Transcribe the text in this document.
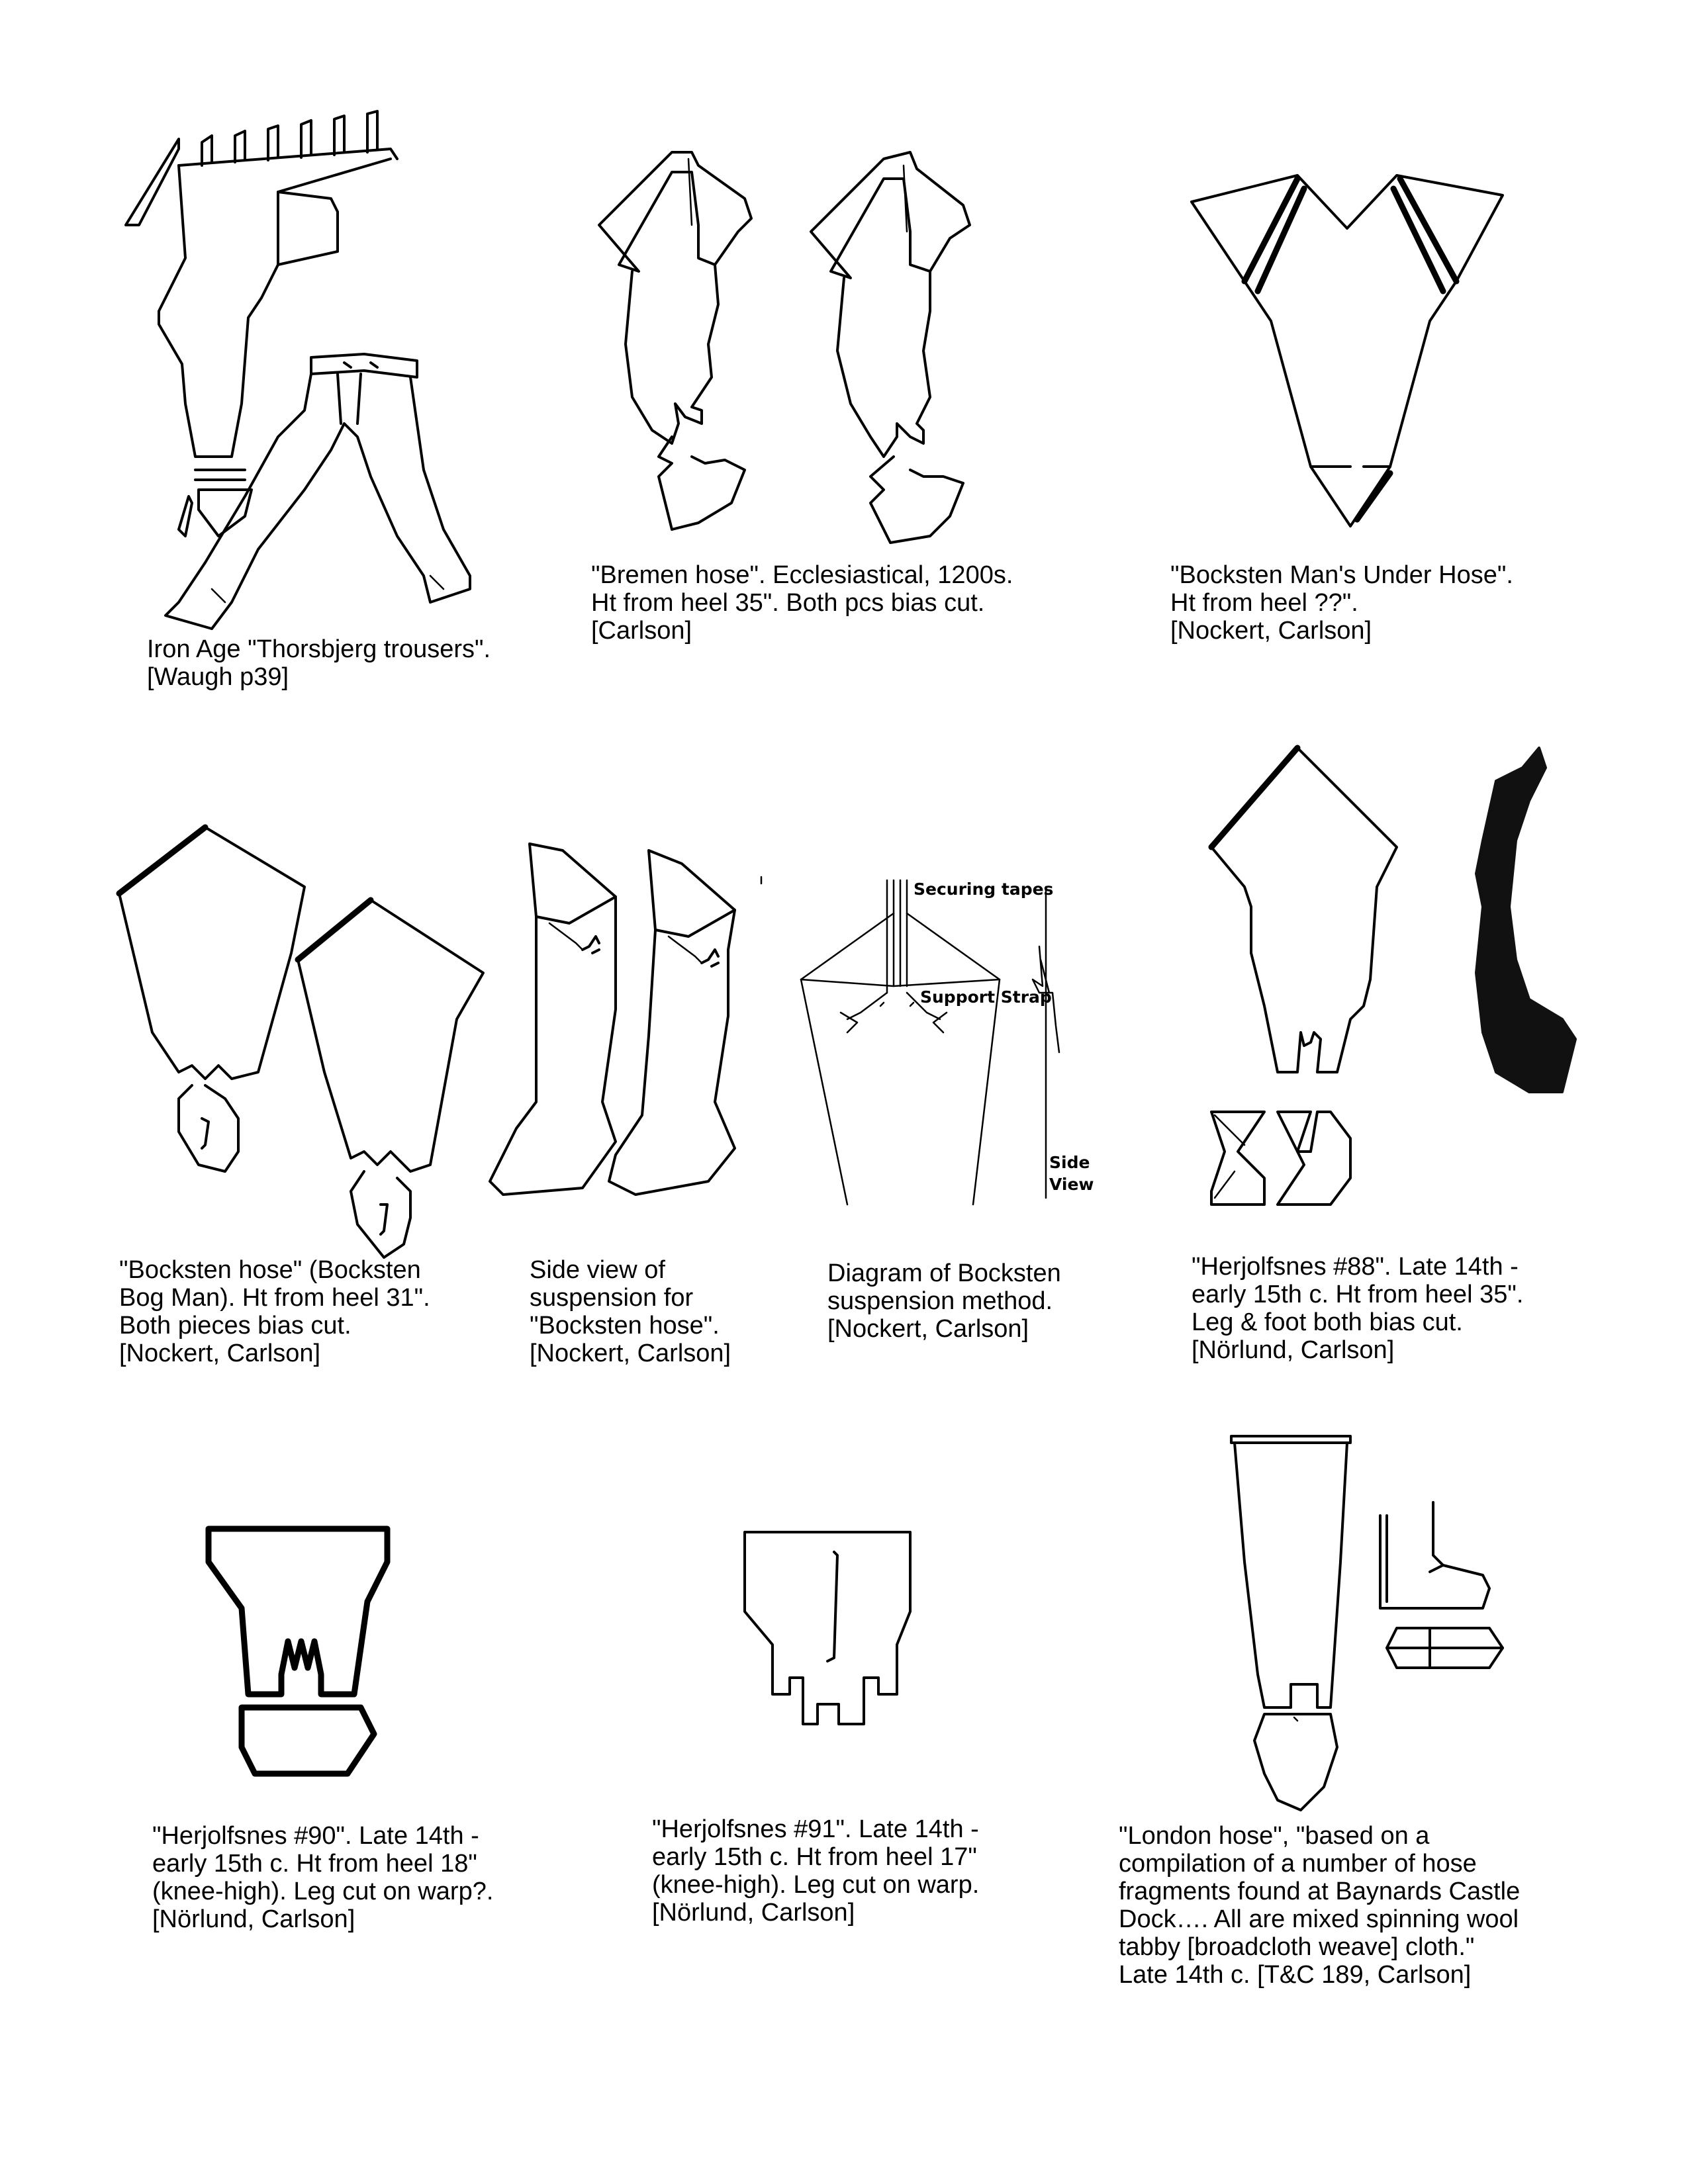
Iron Age "Thorsbjerg trousers".
[Waugh p39]
"Bremen hose". Ecclesiastical, 1200s.
Ht from heel 35". Both pcs bias cut.
[Carlson]
"Bocksten Man's Under Hose".
Ht from heel ??".
[Nockert, Carlson]
"Bocksten hose" (Bocksten
Bog Man). Ht from heel 31".
Both pieces bias cut.
[Nockert, Carlson]
Side view of
suspension for
"Bocksten hose".
[Nockert, Carlson]
Securing tapes
Support Strap
Side
View
Diagram of Bocksten
suspension method.
[Nockert, Carlson]
"Herjolfsnes #88". Late 14th -
early 15th c. Ht from heel 35".
Leg & foot both bias cut.
[Nörlund, Carlson]
"Herjolfsnes #90". Late 14th -
early 15th c. Ht from heel 18"
(knee-high). Leg cut on warp?.
[Nörlund, Carlson]
"Herjolfsnes #91". Late 14th -
early 15th c. Ht from heel 17"
(knee-high). Leg cut on warp.
[Nörlund, Carlson]
"London hose", "based on a
compilation of a number of hose
fragments found at Baynards Castle
Dock…. All are mixed spinning wool
tabby [broadcloth weave] cloth."
Late 14th c. [T&C 189, Carlson]
